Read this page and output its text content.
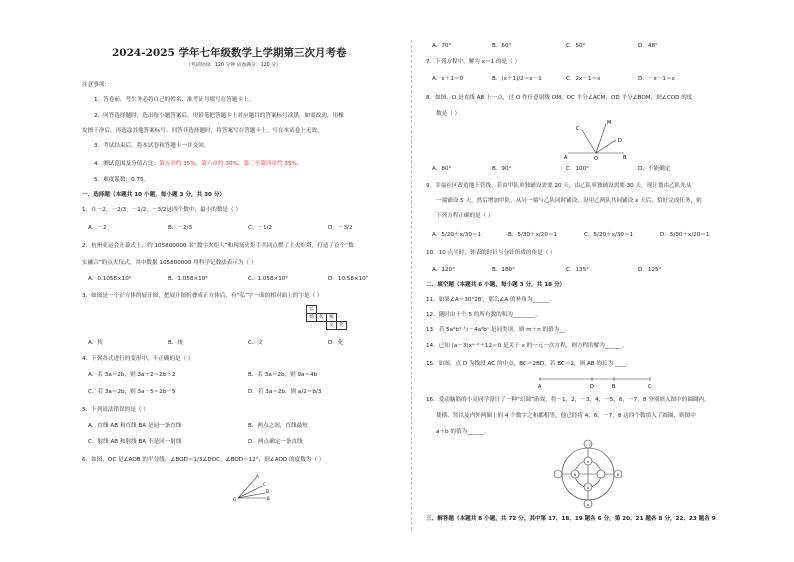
2024-2025 学年七年级数学上学期第三次月考卷
（考试时间：120 分钟 试卷满分：120 分）
注意事项：
1．答卷前，考生务必将自己的姓名、准考证号填写在答题卡上。
2．回答选择题时，选出每小题答案后，用铅笔把答题卡上对应题目的答案标号涂黑。如需改动，用橡
皮擦干净后，再选涂其他答案标号。回答非选择题时，将答案写在答题卡上。写在本试卷上无效。
3．考试结束后，将本试卷和答题卡一并交回。
4．测试范围及分值占比：第五章约 35%，第六章约 30%，第三至第四章约 35%。
5．难度系数：0.75。
一、选择题（本题共 10 小题，每小题 3 分，共 30 分）
1．在－2，－2/3，－1/2，－3/2这四个数中，最小的数是（ ）
A．－2	B．－2/3	C．－1/2	D．－3/2
2．杭州亚运会开幕式上，约 105800000 名“数字火炬人”和现场火炬手共同点燃了主火炬塔，打造了首个“数
实融合”的点火仪式，其中数据 105800000 用科学记数法表示为（ ）
A．0.1058×10⁹	B．1.058×10⁸	C．1.058×10⁹	D．10.58×10⁷
3．如图是一个正方体的展开图，把展开图折叠成正方体后，有“弘”字一面的相对面上的字是（ ）
弘
扬	传	统
文	化
A．传	B．统	C．文	D．化
4．下列各式进行的变形中，不正确的是（ ）
A．若 3a＝2b，则 3a＋2＝2b＋2	B．若 3a＝2b，则 9a＝4b
C．若 3a＝2b，则 3a－5＝2b－5	D．若 3a＝2b，则 a/2＝b/3
5．下列说法错误的是（ ）
A．直线 AB 和直线 BA 是同一条直线	B．两点之间，直线最短
C．射线 AB 和射线 BA 不是同一射线	D．两点确定一条直线
6．如图，OC 是∠AOB 的平分线，∠BOD＝1/3∠DOC，∠BOD＝12°，则∠AOD 的度数为（ ）
A
C
D
B
O
A．70°	B．60°	C．50°	D．48°
7．下列方程中，解为 x＝1 的是（ ）
A．x＋1＝0	B．(x＋1)/2＝x－1	C．2x－1＝x	D．－x－1＝x
8．如图，O 是直线 AB 上一点，过 O 作任意射线 OM，OC 平分∠ACM，OD 平分∠BOM，则∠COD 的度
数是（ ）
C
M
D
A	O	B
A．80°	B．90°	C．100°	D．不能确定
9．幸福社区改造地下管线，若由甲队单独铺设需要 20 天，由乙队单独铺设需要 30 天。现计划由乙队先从
一端铺设 5 天，然后增加甲队，从另一端与乙队同时铺设，设甲乙两队共同铺设 x 天后，恰好完成任务，则
下列方程正确的是（ ）
A．5/20＋x/30＝1	B．5/30＋x/20＝1	C．5/20＋x/30＝1	D．5/30＋x/20＝1
10．10 点半时，钟表的时针与分针所成的角是（ ）
A．120°	B．180°	C．135°	D．125°
二、填空题（本题共 6 小题，每小题 3 分，共 18 分）
11．如果∠A＝30°28′，那么∠A 的补角为______。
12．随时由十个 5 的所有数的积为________。
13．若 5a²b³ 与－4a³bⁿ 是同类项，则 m＋n 的值为__。
14．已知 (a－3)xᵃ⁻²＋12＝0 是关于 x 的一元一次方程，则方程的解为______。
15．如图，点 D 为线段 AC 的中点，BC＝2BD，若 BC＝2，则 AB 的长为 ____。
A	D	B	C
16．爱动脑筋的小亮同学设计了一种“幻圆”游戏，将－1，2，－3，4，－5，6，－7，8 分别填入图中的圆圈内，
使横、竖以及内外两圈上的 4 个数字之和都相等，他已经将 4，6，－7，8 这四个数填入了圆圈，则图中
a＋b 的值为______。
－7
a
6	8
4
b
三、解答题（本题共 8 小题，共 72 分。其中第 17、18、19 题各 6 分，第 20、21 题各 8 分，22、23 题各 9
